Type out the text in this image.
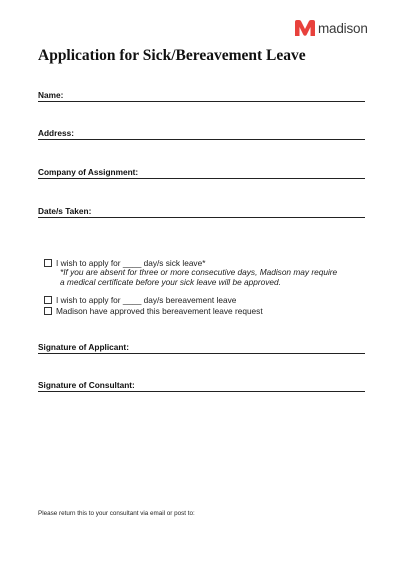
madison
Application for Sick/Bereavement Leave
Name:
Address:
Company of Assignment:
Date/s Taken:
I wish to apply for ____ day/s sick leave*
*If you are absent for three or more consecutive days, Madison may require
a medical certificate before your sick leave will be approved.
I wish to apply for ____ day/s bereavement leave
Madison have approved this bereavement leave request
Signature of Applicant:
Signature of Consultant:
Please return this to your consultant via email or post to:
